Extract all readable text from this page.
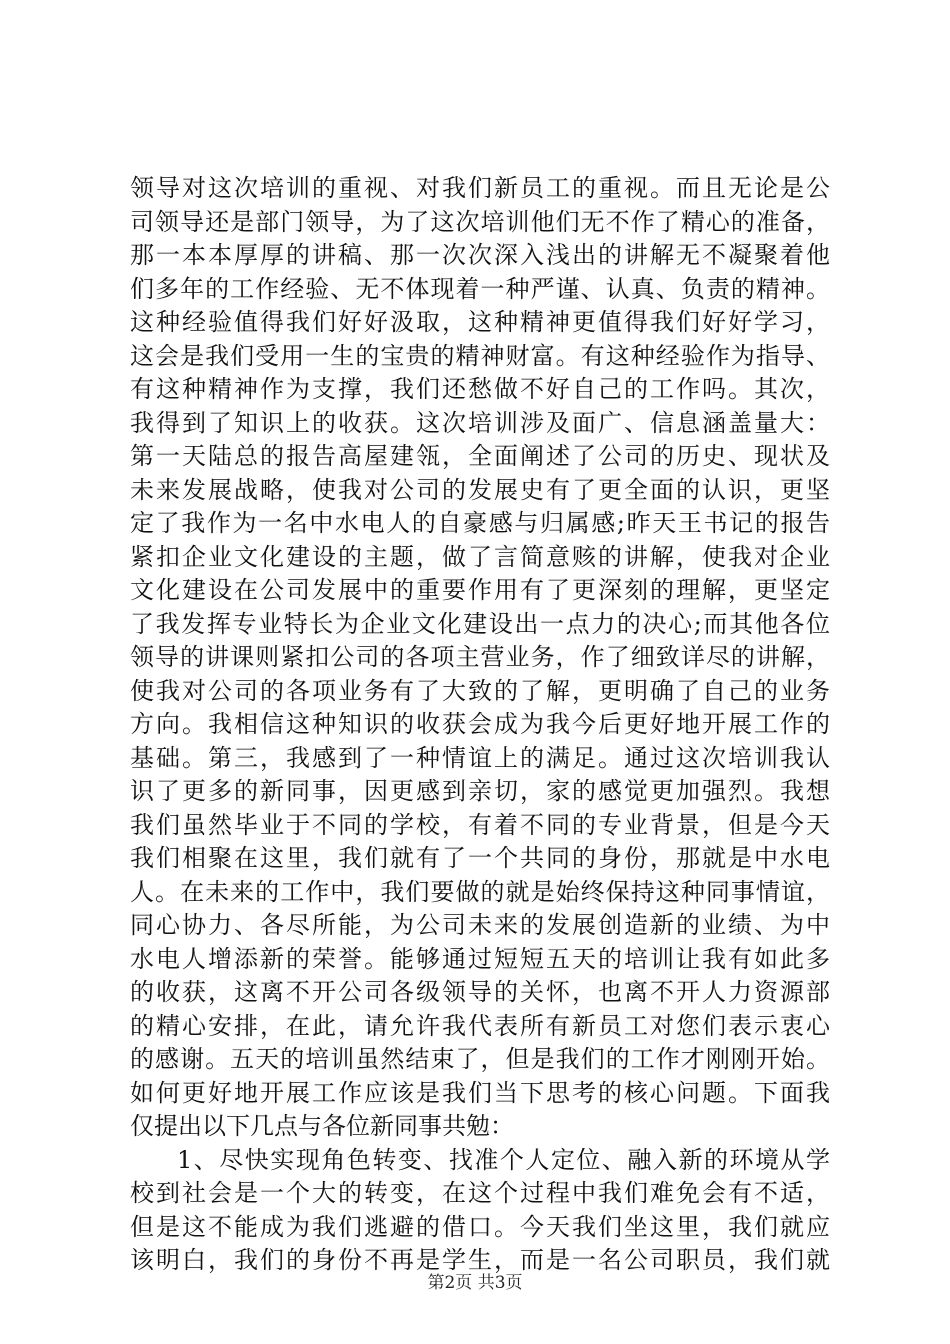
领导对这次培训的重视、对我们新员工的重视。而且无论是公
司领导还是部门领导，为了这次培训他们无不作了精心的准备，
那一本本厚厚的讲稿、那一次次深入浅出的讲解无不凝聚着他
们多年的工作经验、无不体现着一种严谨、认真、负责的精神。
这种经验值得我们好好汲取，这种精神更值得我们好好学习，
这会是我们受用一生的宝贵的精神财富。有这种经验作为指导、
有这种精神作为支撑，我们还愁做不好自己的工作吗。其次，
我得到了知识上的收获。这次培训涉及面广、信息涵盖量大：
第一天陆总的报告高屋建瓴，全面阐述了公司的历史、现状及
未来发展战略，使我对公司的发展史有了更全面的认识，更坚
定了我作为一名中水电人的自豪感与归属感;昨天王书记的报告
紧扣企业文化建设的主题，做了言简意赅的讲解，使我对企业
文化建设在公司发展中的重要作用有了更深刻的理解，更坚定
了我发挥专业特长为企业文化建设出一点力的决心;而其他各位
领导的讲课则紧扣公司的各项主营业务，作了细致详尽的讲解，
使我对公司的各项业务有了大致的了解，更明确了自己的业务
方向。我相信这种知识的收获会成为我今后更好地开展工作的
基础。第三，我感到了一种情谊上的满足。通过这次培训我认
识了更多的新同事，因更感到亲切，家的感觉更加强烈。我想
我们虽然毕业于不同的学校，有着不同的专业背景，但是今天
我们相聚在这里，我们就有了一个共同的身份，那就是中水电
人。在未来的工作中，我们要做的就是始终保持这种同事情谊，
同心协力、各尽所能，为公司未来的发展创造新的业绩、为中
水电人增添新的荣誉。能够通过短短五天的培训让我有如此多
的收获，这离不开公司各级领导的关怀，也离不开人力资源部
的精心安排，在此，请允许我代表所有新员工对您们表示衷心
的感谢。五天的培训虽然结束了，但是我们的工作才刚刚开始。
如何更好地开展工作应该是我们当下思考的核心问题。下面我
仅提出以下几点与各位新同事共勉：
1、尽快实现角色转变、找准个人定位、融入新的环境从学
校到社会是一个大的转变，在这个过程中我们难免会有不适，
但是这不能成为我们逃避的借口。今天我们坐这里，我们就应
该明白，我们的身份不再是学生，而是一名公司职员，我们就
第2页 共3页
